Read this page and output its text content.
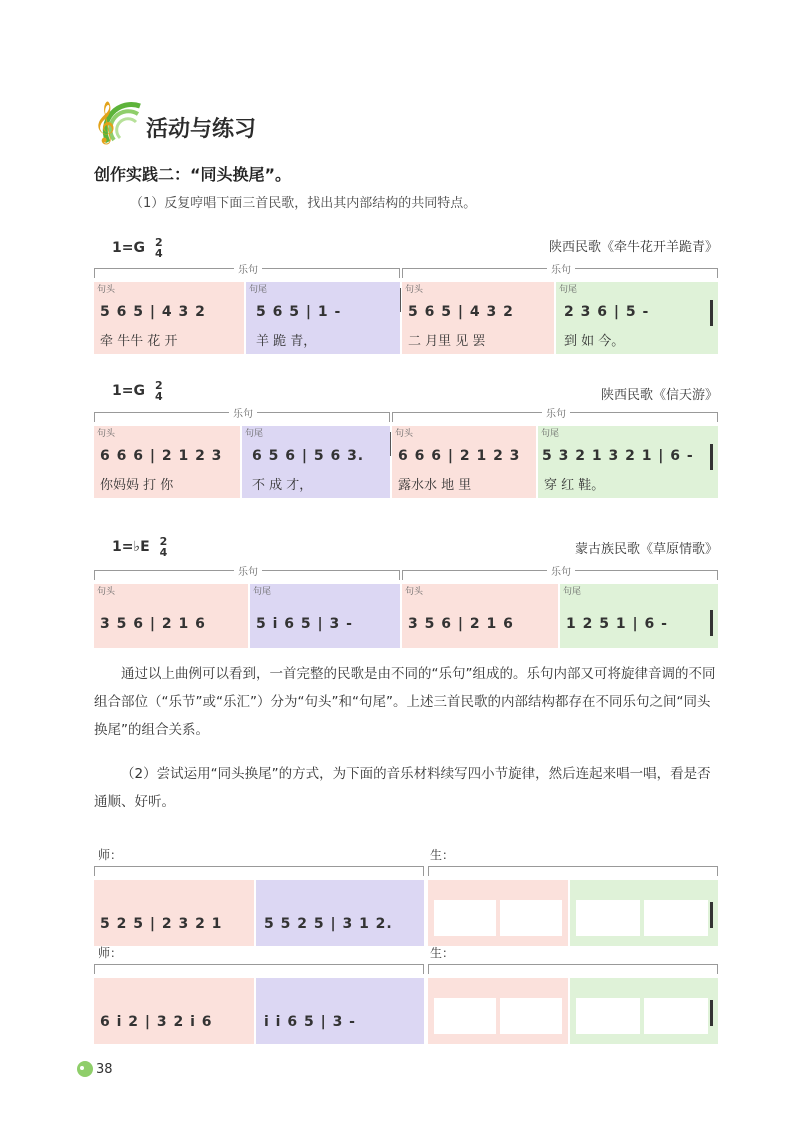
𝄞 活动与练习
创作实践二：“同头换尾”。
（1）反复哼唱下面三首民歌，找出其内部结构的共同特点。
1=G 2
4	陕西民歌《牵牛花开羊跪青》
乐句	乐句
句头
5 6 5 | 4 3 2
牵 牛牛 花 开
句尾
5 6 5 | 1 -
羊 跪 青，
句头
5 6 5 | 4 3 2
二 月里 见 罢
句尾
2 3 6 | 5 -
到 如 今。
1=G 2
4	陕西民歌《信天游》
乐句	乐句
句头
6 6 6 | 2 1 2 3
你妈妈 打 你
句尾
6 5 6 | 5 6 3.
不 成 才，
句头
6 6 6 | 2 1 2 3
露水水 地 里
句尾
5 3 2 1 3 2 1 | 6 -
穿 红 鞋。
1=♭E 2
4	蒙古族民歌《草原情歌》
乐句	乐句
句头
3 5 6 | 2 1 6
句尾
5 i 6 5 | 3 -
句头
3 5 6 | 2 1 6
句尾
1 2 5 1 | 6 -
通过以上曲例可以看到，一首完整的民歌是由不同的“乐句”组成的。乐句内部又可将旋律音调的不同组合部位（“乐节”或“乐汇”）分为“句头”和“句尾”。上述三首民歌的内部结构都存在不同乐句之间“同头换尾”的组合关系。
（2）尝试运用“同头换尾”的方式，为下面的音乐材料续写四小节旋律，然后连起来唱一唱，看是否通顺、好听。
师：	生：
5 2 5 | 2 3 2 1	5 5 2 5 | 3 1 2.
师：	生：
6 i 2 | 3 2 i 6	i i 6 5 | 3 -
38
